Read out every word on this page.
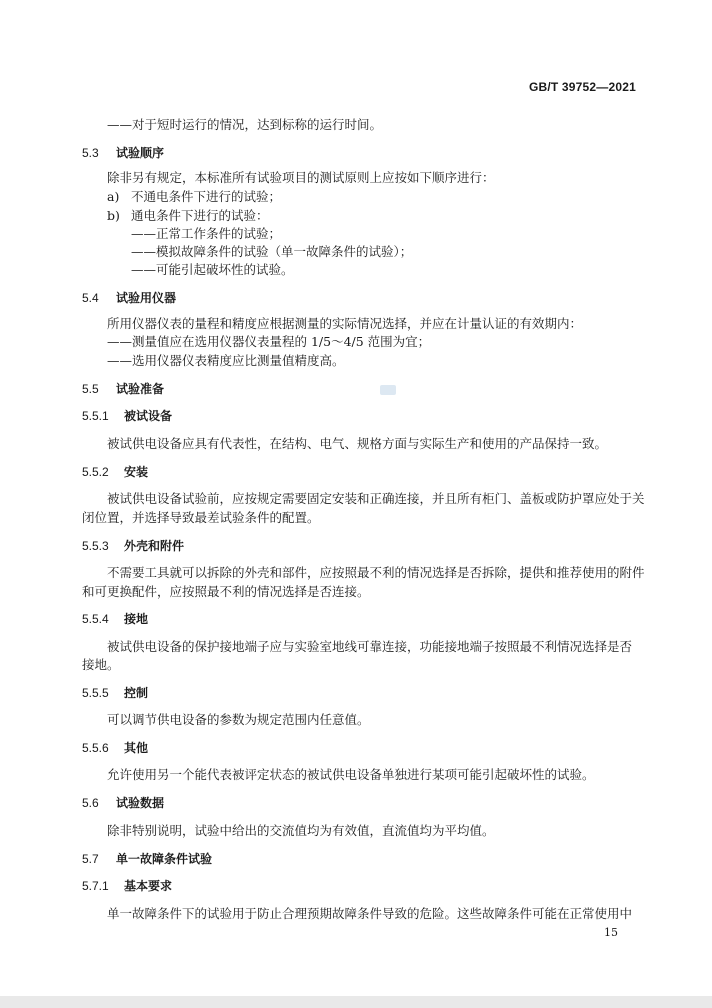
GB/T 39752—2021
——对于短时运行的情况，达到标称的运行时间。
5.3 试验顺序
除非另有规定，本标准所有试验项目的测试原则上应按如下顺序进行：
a) 不通电条件下进行的试验；
b) 通电条件下进行的试验：
——正常工作条件的试验；
——模拟故障条件的试验（单一故障条件的试验）；
——可能引起破坏性的试验。
5.4 试验用仪器
所用仪器仪表的量程和精度应根据测量的实际情况选择，并应在计量认证的有效期内：
——测量值应在选用仪器仪表量程的 1/5～4/5 范围为宜；
——选用仪器仪表精度应比测量值精度高。
5.5 试验准备
5.5.1 被试设备
被试供电设备应具有代表性，在结构、电气、规格方面与实际生产和使用的产品保持一致。
5.5.2 安装
被试供电设备试验前，应按规定需要固定安装和正确连接，并且所有柜门、盖板或防护罩应处于关
闭位置，并选择导致最差试验条件的配置。
5.5.3 外壳和附件
不需要工具就可以拆除的外壳和部件，应按照最不利的情况选择是否拆除，提供和推荐使用的附件
和可更换配件，应按照最不利的情况选择是否连接。
5.5.4 接地
被试供电设备的保护接地端子应与实验室地线可靠连接，功能接地端子按照最不利情况选择是否
接地。
5.5.5 控制
可以调节供电设备的参数为规定范围内任意值。
5.5.6 其他
允许使用另一个能代表被评定状态的被试供电设备单独进行某项可能引起破坏性的试验。
5.6 试验数据
除非特别说明，试验中给出的交流值均为有效值，直流值均为平均值。
5.7 单一故障条件试验
5.7.1 基本要求
单一故障条件下的试验用于防止合理预期故障条件导致的危险。这些故障条件可能在正常使用中
15
